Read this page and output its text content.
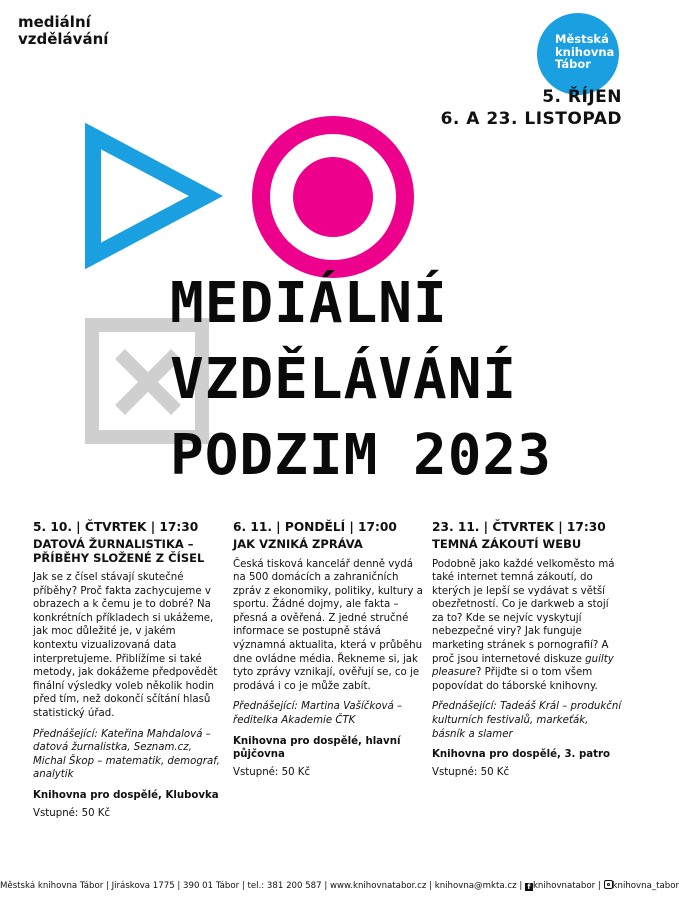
mediální
vzdělávání	Městská
knihovna
Tábor
5. ŘÍJEN
6. A 23. LISTOPAD
MEDIÁLNÍ
VZDĚLÁVÁNÍ
PODZIM 2023
5. 10. | ČTVRTEK | 17:30
DATOVÁ ŽURNALISTIKA –
PŘÍBĚHY SLOŽENÉ Z ČÍSEL
Jak se z čísel stávají skutečné příběhy? Proč fakta zachycujeme v obrazech a k čemu je to dobré? Na konkrétních příkladech si ukážeme, jak moc důležité je, v jakém kontextu vizualizovaná data interpretujeme. Přiblížíme si také metody, jak dokážeme předpovědět finální výsledky voleb několik hodin před tím, než dokončí sčítání hlasů statistický úřad.
Přednášející: Kateřina Mahdalová – datová žurnalistka, Seznam.cz, Michal Škop – matematik, demograf, analytik
Knihovna pro dospělé, Klubovka
Vstupné: 50 Kč
6. 11. | PONDĚLÍ | 17:00
JAK VZNIKÁ ZPRÁVA
Česká tisková kancelář denně vydá na 500 domácích a zahraničních zpráv z ekonomiky, politiky, kultury a sportu. Žádné dojmy, ale fakta – přesná a ověřená. Z jedné stručné informace se postupně stává významná aktualita, která v průběhu dne ovládne média. Řekneme si, jak tyto zprávy vznikají, ověřují se, co je prodává i co je může zabít.
Přednášející: Martina Vašíčková – ředitelka Akademie ČTK
Knihovna pro dospělé, hlavní půjčovna
Vstupné: 50 Kč
23. 11. | ČTVRTEK | 17:30
TEMNÁ ZÁKOUTÍ WEBU
Podobně jako každé velkoměsto má také internet temná zákoutí, do kterých je lepší se vydávat s větší obezřetností. Co je darkweb a stojí za to? Kde se nejvíc vyskytují nebezpečné viry? Jak funguje marketing stránek s pornografií? A proč jsou internetové diskuze guilty pleasure? Přijďte si o tom všem popovídat do táborské knihovny.
Přednášející: Tadeáš Král – produkční kulturních festivalů, markeťák, básník a slamer
Knihovna pro dospělé, 3. patro
Vstupné: 50 Kč
Městská knihovna Tábor | Jiráskova 1775 | 390 01 Tábor | tel.: 381 200 587 | www.knihovnatabor.cz | knihovna@mkta.cz | f knihovnatabor | knihovna_tabor
